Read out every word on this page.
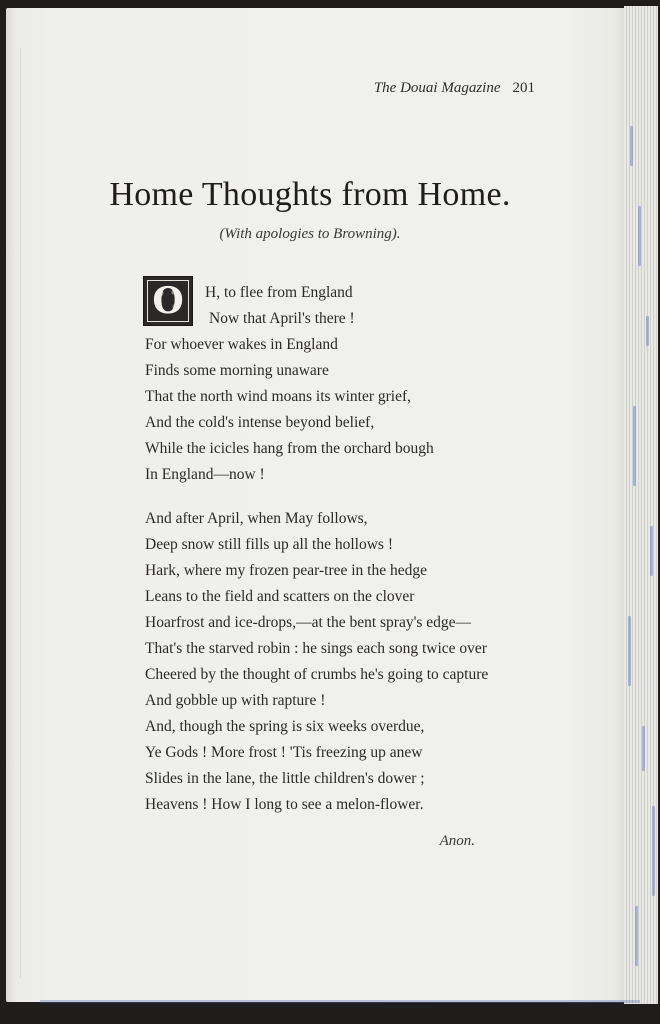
The Douai Magazine 201
Home Thoughts from Home.
(With apologies to Browning).
O	H, to flee from England
Now that April's there !
For whoever wakes in England
Finds some morning unaware
That the north wind moans its winter grief,
And the cold's intense beyond belief,
While the icicles hang from the orchard bough
In England—now !
And after April, when May follows,
Deep snow still fills up all the hollows !
Hark, where my frozen pear-tree in the hedge
Leans to the field and scatters on the clover
Hoarfrost and ice-drops,—at the bent spray's edge—
That's the starved robin : he sings each song twice over
Cheered by the thought of crumbs he's going to capture
And gobble up with rapture !
And, though the spring is six weeks overdue,
Ye Gods ! More frost ! 'Tis freezing up anew
Slides in the lane, the little children's dower ;
Heavens ! How I long to see a melon-flower.
Anon.
